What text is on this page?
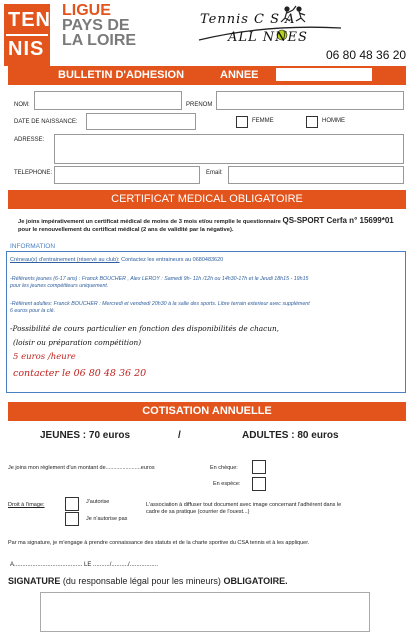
TEN
NIS
LIGUE
PAYS DE
LA LOIRE
Tennis C S A
ALL NNES
06 80 48 36 20
BULLETIN D'ADHESION	ANNEE
NOM:	PRENOM
DATE DE NAISSANCE:	FEMME	HOMME
ADRESSE:
TELEPHONE:	Email:
CERTIFICAT MEDICAL OBLIGATOIRE
Je joins impérativement un certificat médical de moins de 3 mois et/ou remplie le questionnaire QS-SPORT Cerfa n° 15699*01 pour le renouvellement du certificat médical (2 ans de validité par la négative).
INFORMATION
Créneau(x) d'entrainement (réservé au club): Contactez les entraineurs au 0680483620
-Référents jeunes (6-17 ans) : Franck BOUCHER , Alex LEROY : Samedi 9h- 11h /12h ou 14h30-17h et le Jeudi 18h15 - 19h15
pour les jeunes compétiteurs uniquement.
-Référent adultes: Franck BOUCHER : Mercredi et vendredi 20h30 à la salle des sports. Libre terrain exterieur avec supplément
6 euros pour la clé.
-Possibilité de cours particulier en fonction des disponibilités de chacun,
(loisir ou préparation compétition)
5 euros /heure
contacter le 06 80 48 36 20
COTISATION ANNUELLE
JEUNES : 70 euros	/	ADULTES : 80 euros
Je joins mon règlement d'un montant de.......................euros	En chèque:
En espèce:
Droit à l'image:	J'autorise
Je n'autorise pas
L'association à diffuser tout document avec image concernant l'adhérent dans le
cadre de sa pratique (courrier de l'ouest...)
Par ma signature, je m'engage à prendre connaissance des statuts et de la charte sportive du CSA tennis et à les appliquer.
A......................................... LE ........../........../.................
SIGNATURE (du responsable légal pour les mineurs) OBLIGATOIRE.
